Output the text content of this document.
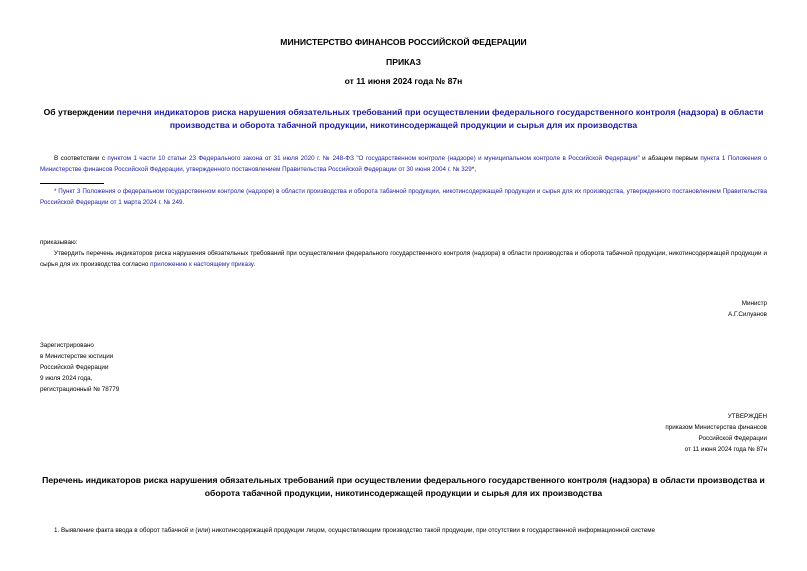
МИНИСТЕРСТВО ФИНАНСОВ РОССИЙСКОЙ ФЕДЕРАЦИИ
ПРИКАЗ
от 11 июня 2024 года № 87н
Об утверждении перечня индикаторов риска нарушения обязательных требований при осуществлении федерального государственного контроля (надзора) в области производства и оборота табачной продукции, никотинсодержащей продукции и сырья для их производства
В соответствии с пунктом 1 части 10 статьи 23 Федерального закона от 31 июля 2020 г. № 248-ФЗ "О государственном контроле (надзоре) и муниципальном контроле в Российской Федерации" и абзацем первым пункта 1 Положения о Министерстве финансов Российской Федерации, утвержденного постановлением Правительства Российской Федерации от 30 июня 2004 г. № 329*,
* Пункт 3 Положения о федеральном государственном контроле (надзоре) в области производства и оборота табачной продукции, никотинсодержащей продукции и сырья для их производства, утвержденного постановлением Правительства Российской Федерации от 1 марта 2024 г. № 249.
приказываю:
Утвердить перечень индикаторов риска нарушения обязательных требований при осуществлении федерального государственного контроля (надзора) в области производства и оборота табачной продукции, никотинсодержащей продукции и сырья для их производства согласно приложению к настоящему приказу.
Министр
А.Г.Силуанов
Зарегистрировано
в Министерстве юстиции
Российской Федерации
9 июля 2024 года,
регистрационный № 78779
УТВЕРЖДЕН
приказом Министерства финансов
Российской Федерации
от 11 июня 2024 года № 87н
Перечень индикаторов риска нарушения обязательных требований при осуществлении федерального государственного контроля (надзора) в области производства и оборота табачной продукции, никотинсодержащей продукции и сырья для их производства
1. Выявление факта ввода в оборот табачной и (или) никотинсодержащей продукции лицом, осуществляющим производство такой продукции, при отсутствии в государственной информационной системе
